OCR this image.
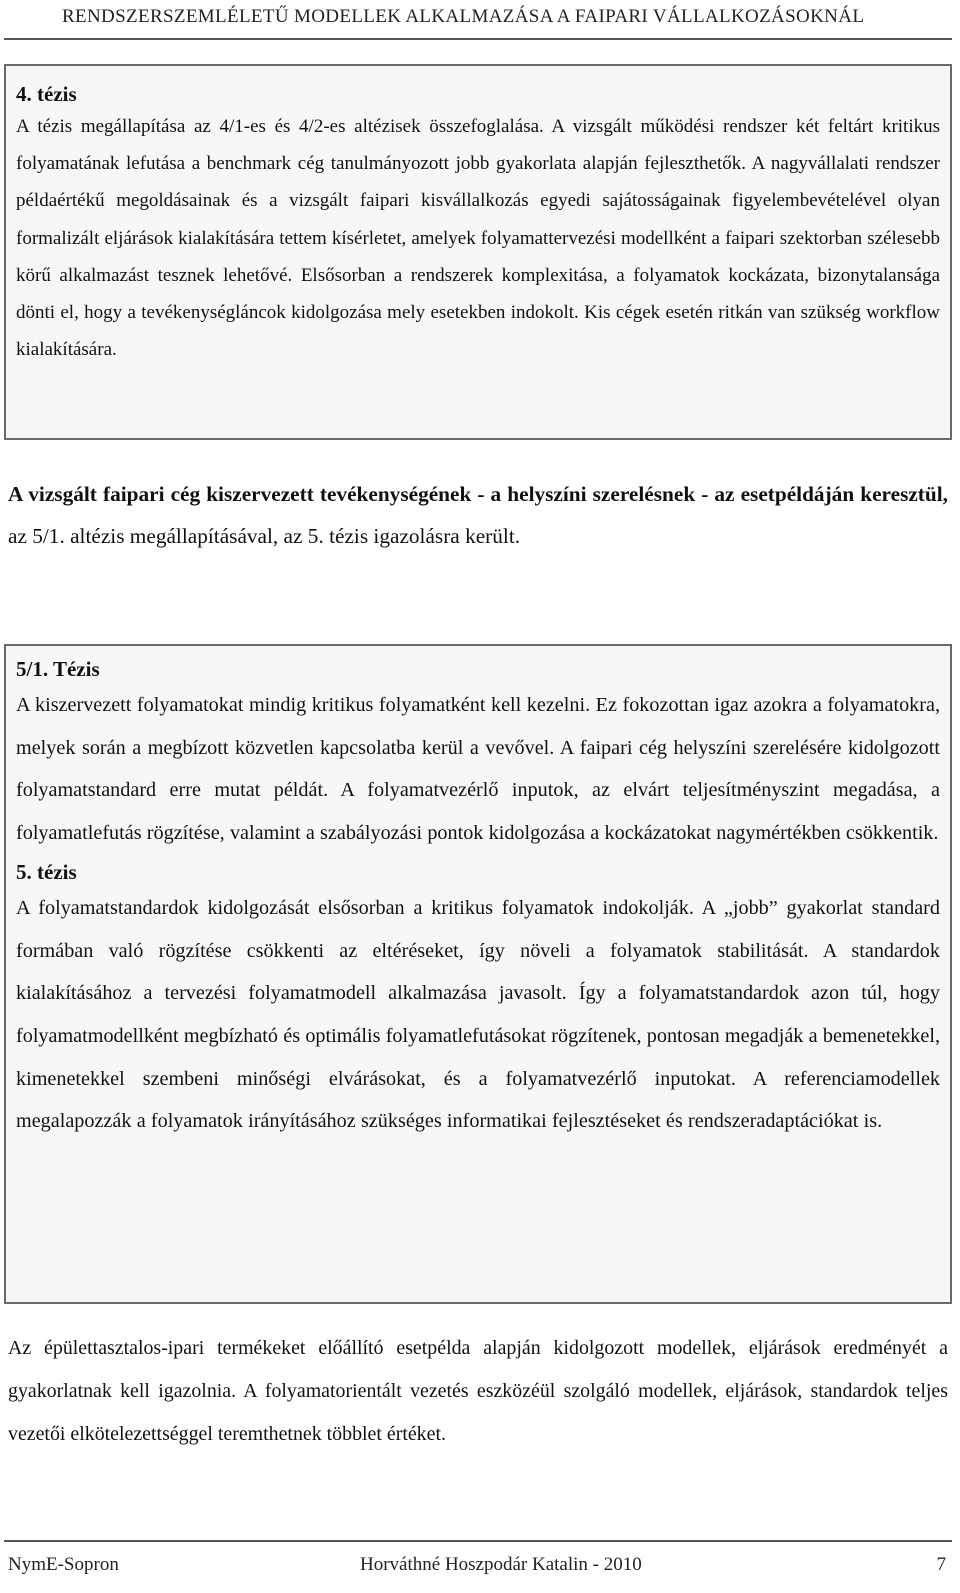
RENDSZERSZEMLÉLETŰ MODELLEK ALKALMAZÁSA A FAIPARI VÁLLALKOZÁSOKNÁL

4. tézis

A tézis megállapítása az 4/1-es és 4/2-es altézisek összefoglalása. A vizsgált működési rendszer két feltárt kritikus folyamatának lefutása a benchmark cég tanulmányozott jobb gyakorlata alapján fejleszthetők. A nagyvállalati rendszer példaértékű megoldásainak és a vizsgált faipari kisvállalkozás egyedi sajátosságainak figyelembevételével olyan formalizált eljárások kialakítására tettem kísérletet, amelyek folyamattervezési modellként a faipari szektorban szélesebb körű alkalmazást tesznek lehetővé. Elsősorban a rendszerek komplexitása, a folyamatok kockázata, bizonytalansága dönti el, hogy a tevékenységláncok kidolgozása mely esetekben indokolt. Kis cégek esetén ritkán van szükség workflow kialakítására.

A vizsgált faipari cég kiszervezett tevékenységének - a helyszíni szerelésnek - az esetpéldáján keresztül, az 5/1. altézis megállapításával, az 5. tézis igazolásra került.

5/1. Tézis

A kiszervezett folyamatokat mindig kritikus folyamatként kell kezelni. Ez fokozottan igaz azokra a folyamatokra, melyek során a megbízott közvetlen kapcsolatba kerül a vevővel. A faipari cég helyszíni szerelésére kidolgozott folyamatstandard erre mutat példát. A folyamatvezérlő inputok, az elvárt teljesítményszint megadása, a folyamatlefutás rögzítése, valamint a szabályozási pontok kidolgozása a kockázatokat nagymértékben csökkentik.

5. tézis

A folyamatstandardok kidolgozását elsősorban a kritikus folyamatok indokolják. A „jobb” gyakorlat standard formában való rögzítése csökkenti az eltéréseket, így növeli a folyamatok stabilitását. A standardok kialakításához a tervezési folyamatmodell alkalmazása javasolt. Így a folyamatstandardok azon túl, hogy folyamatmodellként megbízható és optimális folyamatlefutásokat rögzítenek, pontosan megadják a bemenetekkel, kimenetekkel szembeni minőségi elvárásokat, és a folyamatvezérlő inputokat. A referenciamodellek megalapozzák a folyamatok irányításához szükséges informatikai fejlesztéseket és rendszeradaptációkat is.

Az épülettasztalos-ipari termékeket előállító esetpélda alapján kidolgozott modellek, eljárások eredményét a gyakorlatnak kell igazolnia. A folyamatorientált vezetés eszközéül szolgáló modellek, eljárások, standardok teljes vezetői elkötelezettséggel teremthetnek többlet értéket.

NymE-Sopron	Horváthné Hoszpodár Katalin - 2010	7
